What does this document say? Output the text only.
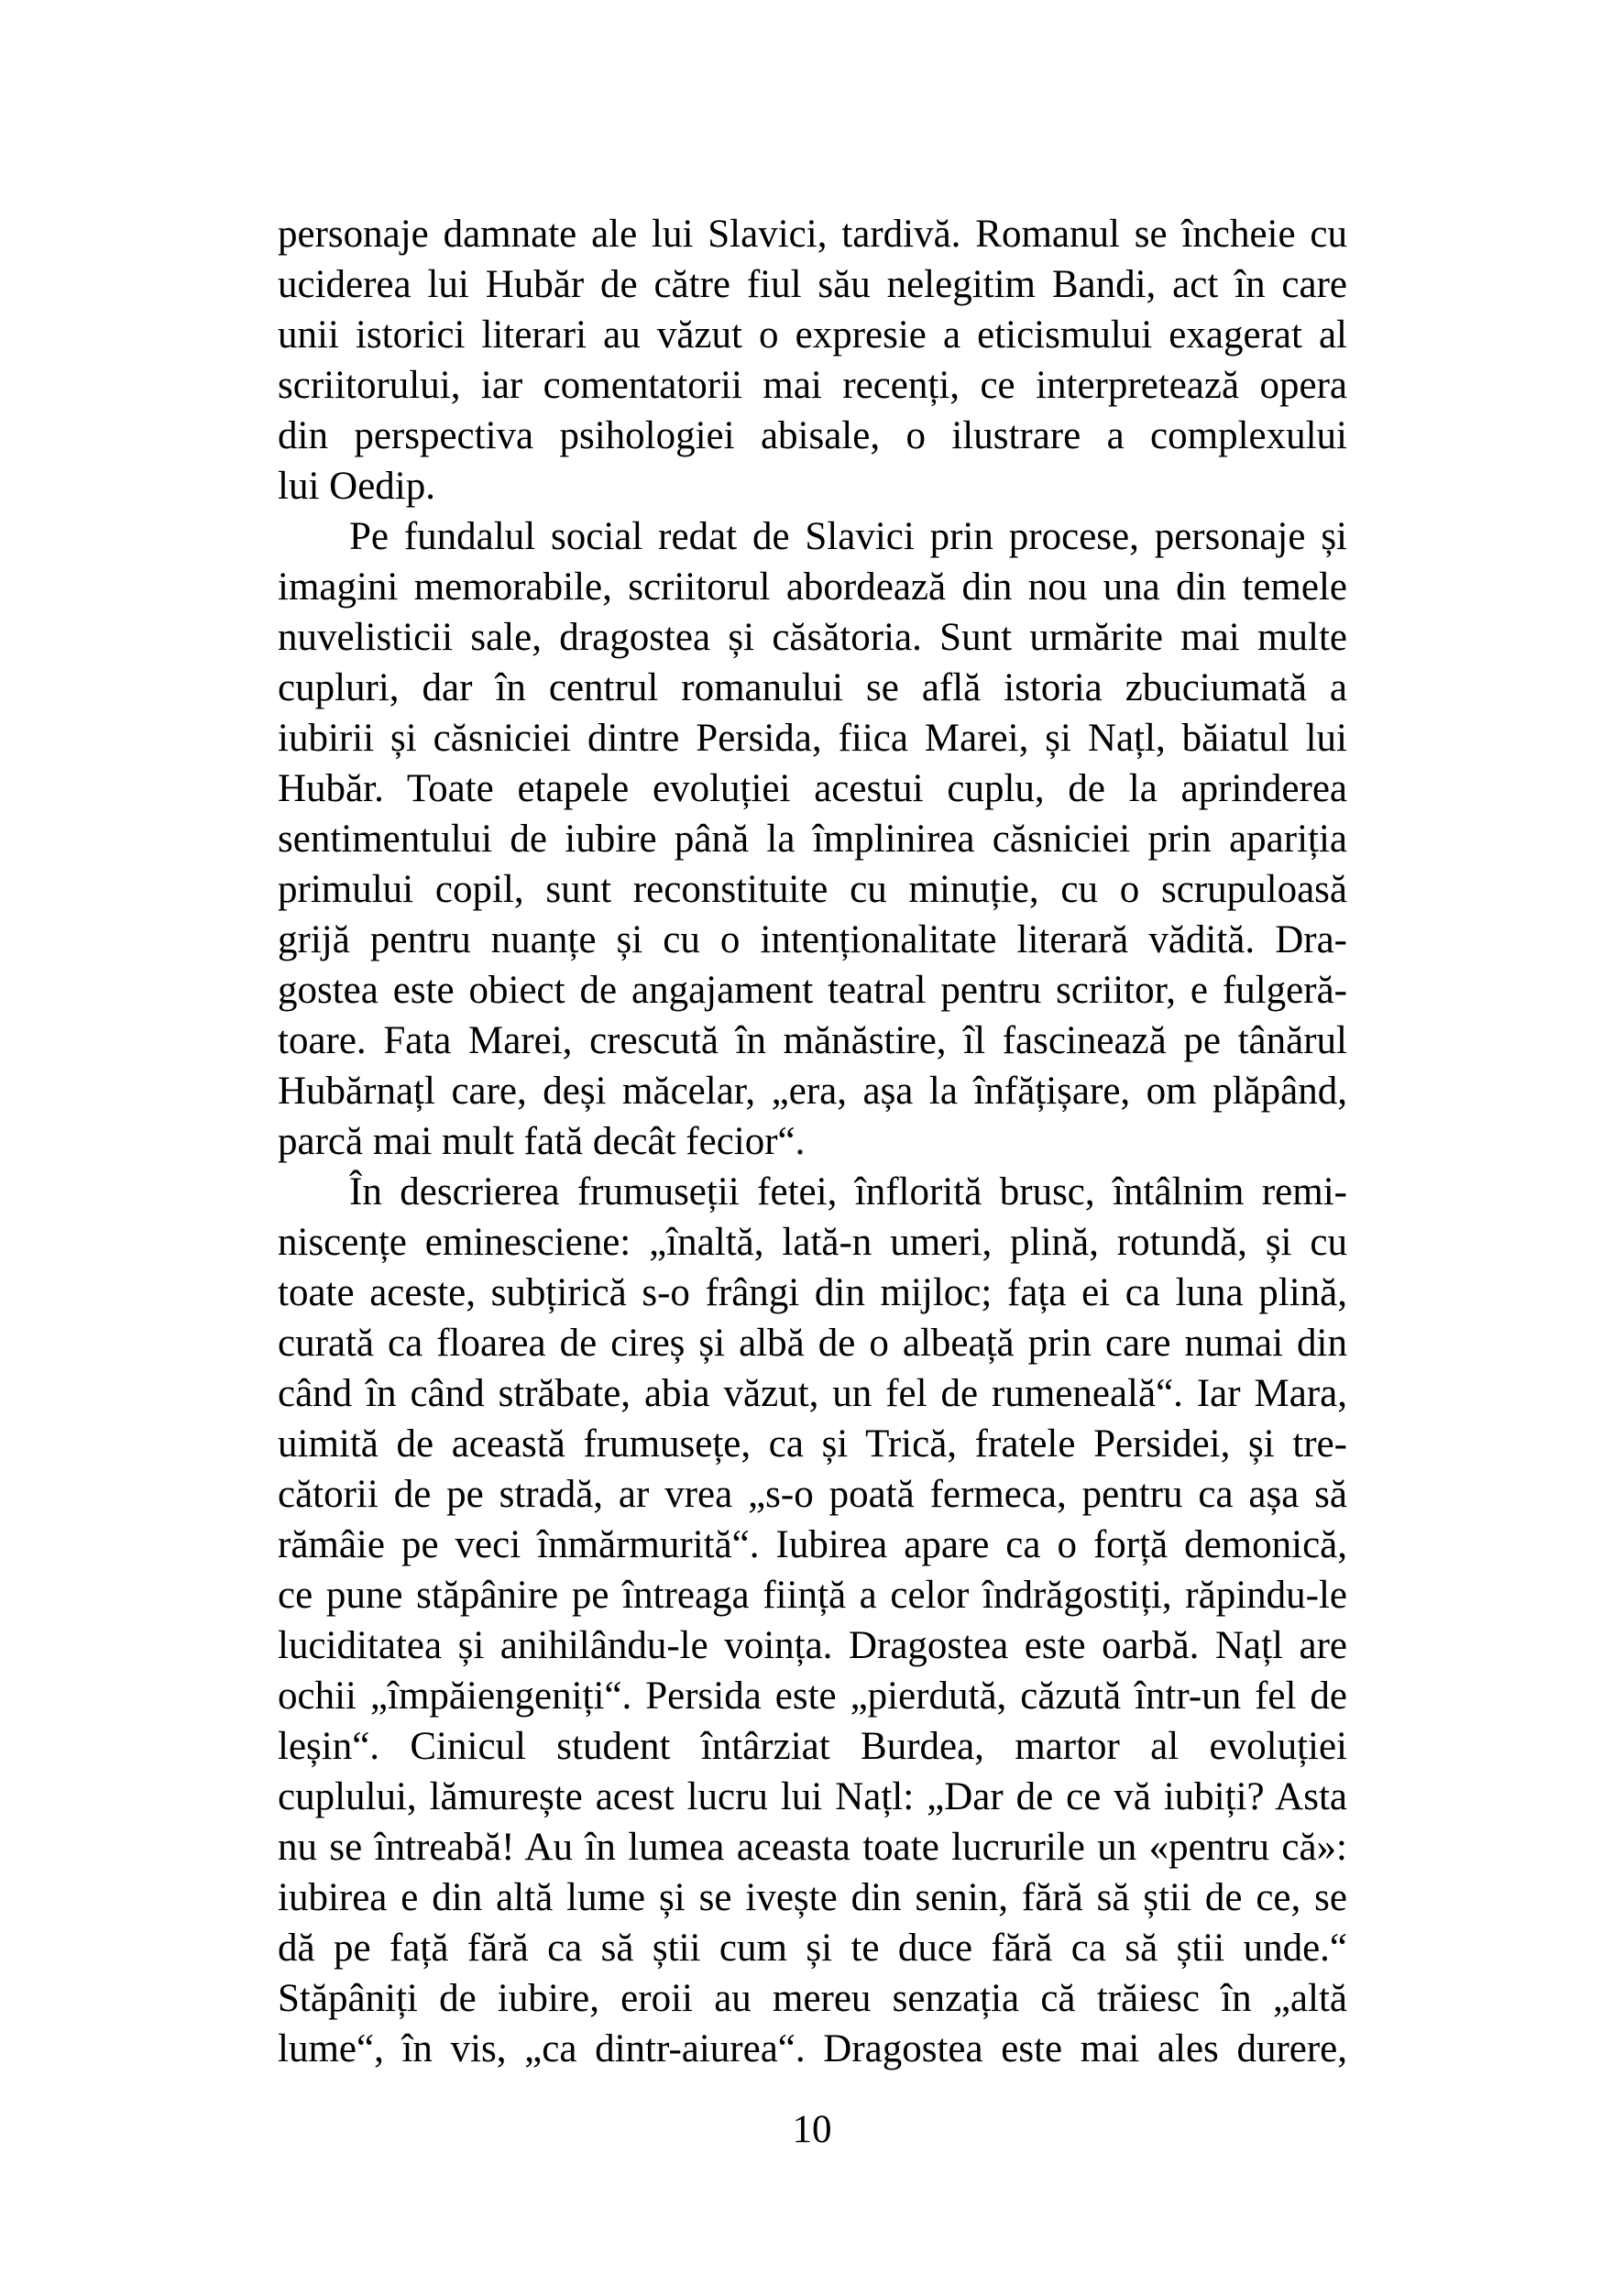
personaje damnate ale lui Slavici, tardivă. Romanul se încheie cu
uciderea lui Hubăr de către fiul său nelegitim Bandi, act în care
unii istorici literari au văzut o expresie a eticismului exagerat al
scriitorului, iar comentatorii mai recenți, ce interpretează opera
din perspectiva psihologiei abisale, o ilustrare a complexului
lui Oedip.
Pe fundalul social redat de Slavici prin procese, personaje și
imagini memorabile, scriitorul abordează din nou una din temele
nuvelisticii sale, dragostea și căsătoria. Sunt urmărite mai multe
cupluri, dar în centrul romanului se află istoria zbuciumată a
iubirii și căsniciei dintre Persida, fiica Marei, și Națl, băiatul lui
Hubăr. Toate etapele evoluției acestui cuplu, de la aprinderea
sentimentului de iubire până la împlinirea căsniciei prin apariția
primului copil, sunt reconstituite cu minuție, cu o scrupuloasă
grijă pentru nuanțe și cu o intenționalitate literară vădită. Dra-
gostea este obiect de angajament teatral pentru scriitor, e fulgeră-
toare. Fata Marei, crescută în mănăstire, îl fascinează pe tânărul
Hubărnațl care, deși măcelar, „era, așa la înfățișare, om plăpând,
parcă mai mult fată decât fecior“.
În descrierea frumuseții fetei, înflorită brusc, întâlnim remi-
niscențe eminesciene: „înaltă, lată-n umeri, plină, rotundă, și cu
toate aceste, subțirică s-o frângi din mijloc; fața ei ca luna plină,
curată ca floarea de cireș și albă de o albeață prin care numai din
când în când străbate, abia văzut, un fel de rumeneală“. Iar Mara,
uimită de această frumusețe, ca și Trică, fratele Persidei, și tre-
cătorii de pe stradă, ar vrea „s-o poată fermeca, pentru ca așa să
rămâie pe veci înmărmurită“. Iubirea apare ca o forță demonică,
ce pune stăpânire pe întreaga ființă a celor îndrăgostiți, răpindu-le
luciditatea și anihilându-le voința. Dragostea este oarbă. Națl are
ochii „împăiengeniți“. Persida este „pierdută, căzută într-un fel de
leșin“. Cinicul student întârziat Burdea, martor al evoluției
cuplului, lămurește acest lucru lui Națl: „Dar de ce vă iubiți? Asta
nu se întreabă! Au în lumea aceasta toate lucrurile un «pentru că»:
iubirea e din altă lume și se ivește din senin, fără să știi de ce, se
dă pe față fără ca să știi cum și te duce fără ca să știi unde.“
Stăpâniți de iubire, eroii au mereu senzația că trăiesc în „altă
lume“, în vis, „ca dintr-aiurea“. Dragostea este mai ales durere,
10
